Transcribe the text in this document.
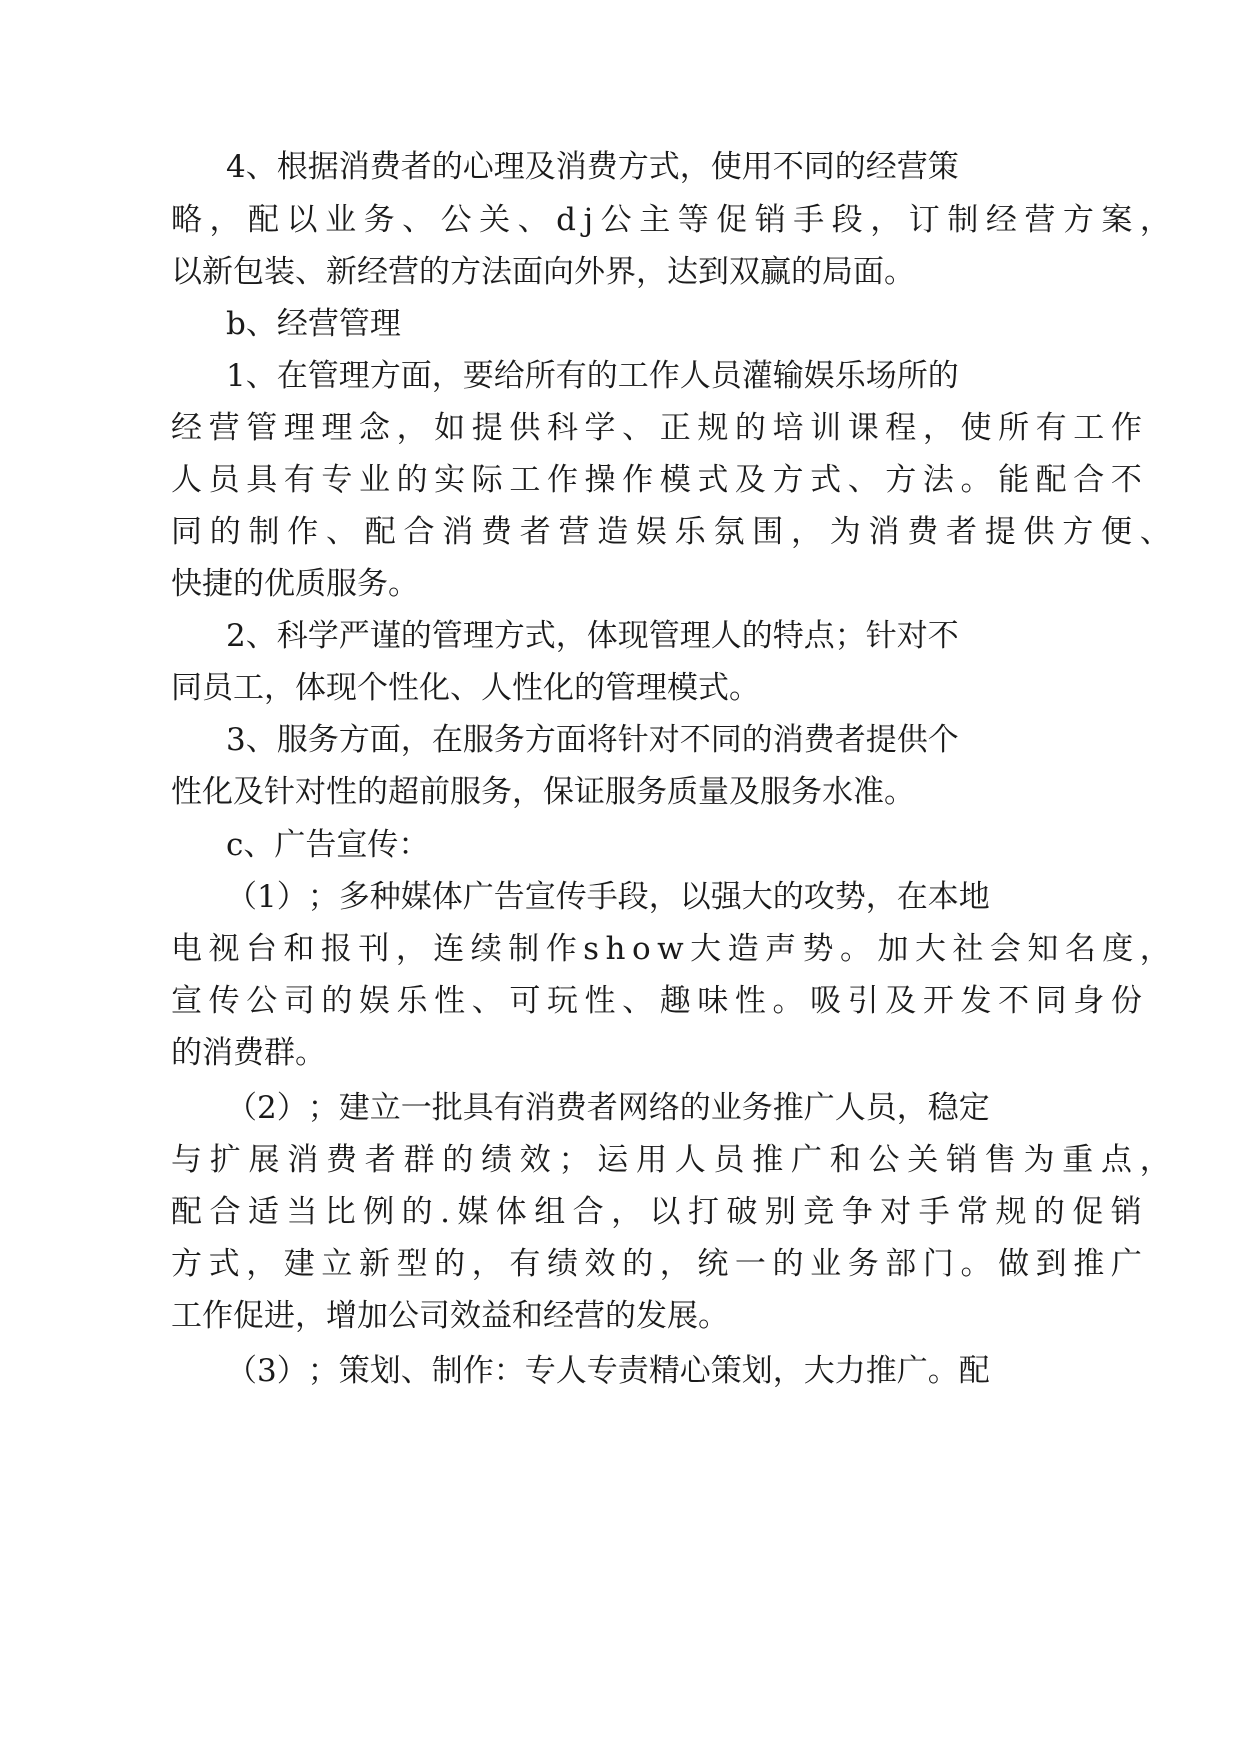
4 、 根 据 消 费 者 的 心 理 及 消 费 方 式 ， 使 用 不 同 的 经 营 策

略 ， 配 以 业 务 、 公 关 、 d j 公 主 等 促 销 手 段 ， 订 制 经 营 方 案 ，

以新包装、新经营的方法面向外界，达到双赢的局面。

b、经营管理

1 、 在 管 理 方 面 ， 要 给 所 有 的 工 作 人 员 灌 输 娱 乐 场 所 的

经 营 管 理 理 念 ， 如 提 供 科 学 、 正 规 的 培 训 课 程 ， 使 所 有 工 作

人 员 具 有 专 业 的 实 际 工 作 操 作 模 式 及 方 式 、 方 法 。 能 配 合 不

同 的 制 作 、 配 合 消 费 者 营 造 娱 乐 氛 围 ， 为 消 费 者 提 供 方 便 、

快捷的优质服务。

2 、 科 学 严 谨 的 管 理 方 式 ， 体 现 管 理 人 的 特 点 ； 针 对 不

同员工，体现个性化、人性化的管理模式。

3 、 服 务 方 面 ， 在 服 务 方 面 将 针 对 不 同 的 消 费 者 提 供 个

性化及针对性的超前服务，保证服务质量及服务水准。

c、广告宣传：

（ 1 ） ； 多 种 媒 体 广 告 宣 传 手 段 ， 以 强 大 的 攻 势 ， 在 本 地

电 视 台 和 报 刊 ， 连 续 制 作 s h o w 大 造 声 势 。 加 大 社 会 知 名 度 ，

宣 传 公 司 的 娱 乐 性 、 可 玩 性 、 趣 味 性 。 吸 引 及 开 发 不 同 身 份

的消费群。

（ 2 ） ； 建 立 一 批 具 有 消 费 者 网 络 的 业 务 推 广 人 员 ， 稳 定

与 扩 展 消 费 者 群 的 绩 效 ； 运 用 人 员 推 广 和 公 关 销 售 为 重 点 ，

配 合 适 当 比 例 的 . 媒 体 组 合 ， 以 打 破 别 竞 争 对 手 常 规 的 促 销

方 式 ， 建 立 新 型 的 ， 有 绩 效 的 ， 统 一 的 业 务 部 门 。 做 到 推 广

工作促进，增加公司效益和经营的发展。

（ 3 ） ； 策 划 、 制 作 ： 专 人 专 责 精 心 策 划 ， 大 力 推 广 。 配
